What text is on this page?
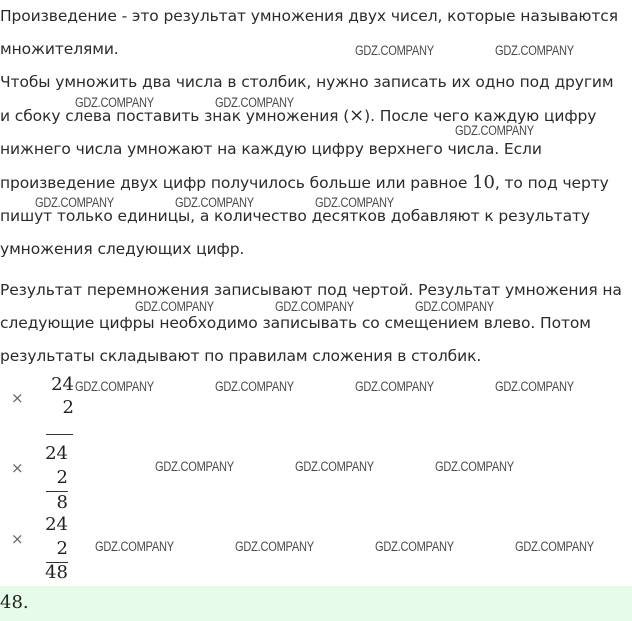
Произведение - это результат умножения двух чисел, которые называются множителями.

Чтобы умножить два числа в столбик, нужно записать их одно под другим и сбоку слева поставить знак умножения (×). После чего каждую цифру нижнего числа умножают на каждую цифру верхнего числа. Если произведение двух цифр получилось больше или равное 10, то под черту пишут только единицы, а количество десятков добавляют к результату умножения следующих цифр.

Результат перемножения записывают под чертой. Результат умножения на следующие цифры необходимо записывать со смещением влево. Потом результаты складывают по правилам сложения в столбик.

×
24
2
×
24
2
8
×
24
2
48
GDZ.COMPANY	GDZ.COMPANY
GDZ.COMPANY	GDZ.COMPANY
GDZ.COMPANY
GDZ.COMPANY	GDZ.COMPANY	GDZ.COMPANY
GDZ.COMPANY	GDZ.COMPANY	GDZ.COMPANY
GDZ.COMPANY	GDZ.COMPANY	GDZ.COMPANY	GDZ.COMPANY
GDZ.COMPANY	GDZ.COMPANY	GDZ.COMPANY
GDZ.COMPANY	GDZ.COMPANY	GDZ.COMPANY	GDZ.COMPANY
48.
